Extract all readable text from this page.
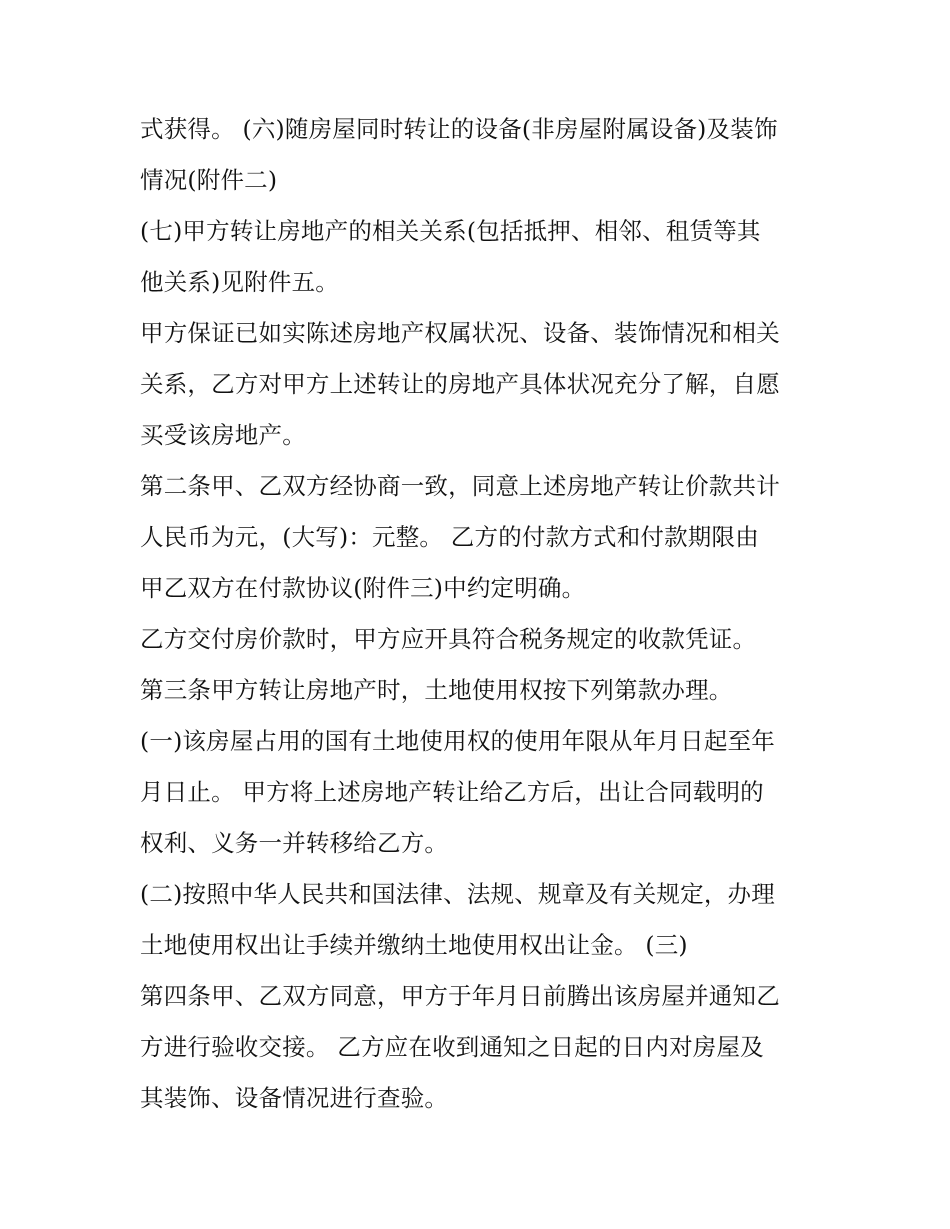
式获得。 (六)随房屋同时转让的设备(非房屋附属设备)及装饰
情况(附件二)
(七)甲方转让房地产的相关关系(包括抵押、相邻、租赁等其
他关系)见附件五。
甲方保证已如实陈述房地产权属状况、设备、装饰情况和相关
关系，乙方对甲方上述转让的房地产具体状况充分了解，自愿
买受该房地产。
第二条甲、乙双方经协商一致，同意上述房地产转让价款共计
人民币为元，(大写)：元整。 乙方的付款方式和付款期限由
甲乙双方在付款协议(附件三)中约定明确。
乙方交付房价款时，甲方应开具符合税务规定的收款凭证。
第三条甲方转让房地产时，土地使用权按下列第款办理。
(一)该房屋占用的国有土地使用权的使用年限从年月日起至年
月日止。 甲方将上述房地产转让给乙方后，出让合同载明的
权利、义务一并转移给乙方。
(二)按照中华人民共和国法律、法规、规章及有关规定，办理
土地使用权出让手续并缴纳土地使用权出让金。 (三)
第四条甲、乙双方同意，甲方于年月日前腾出该房屋并通知乙
方进行验收交接。 乙方应在收到通知之日起的日内对房屋及
其装饰、设备情况进行查验。
